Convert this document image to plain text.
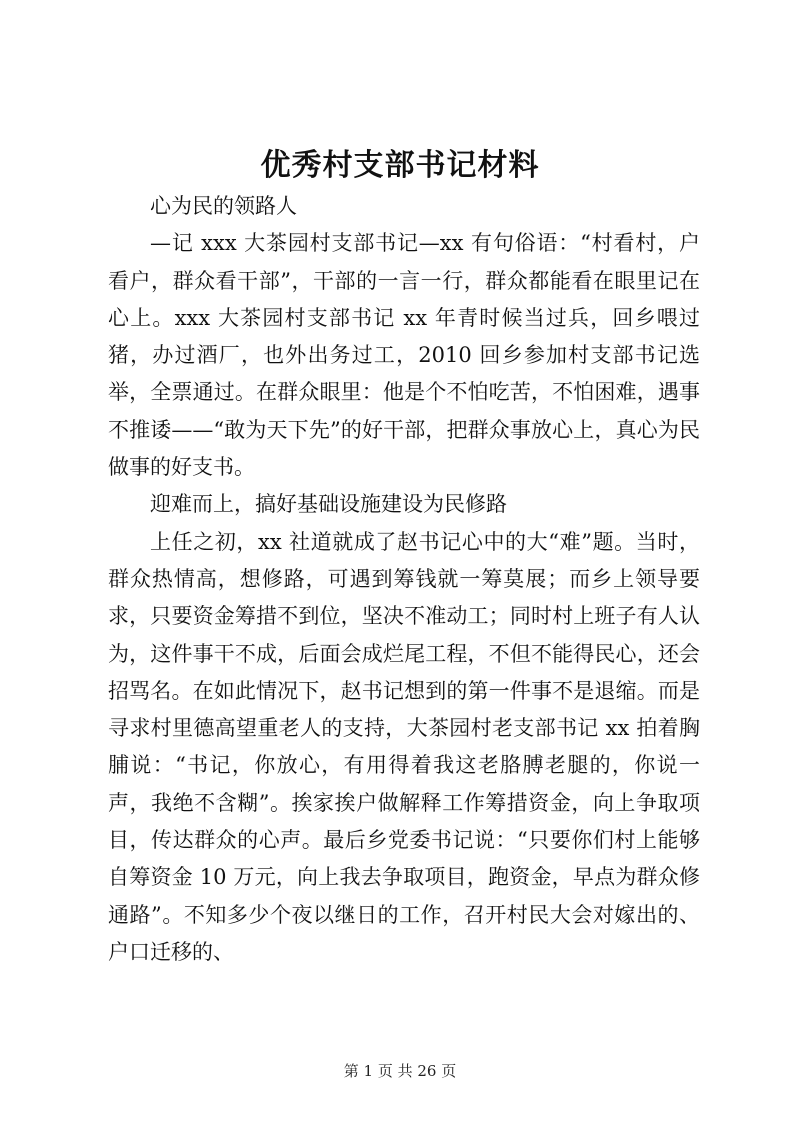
优秀村支部书记材料

心为民的领路人

—记 xxx 大茶园村支部书记—xx 有句俗语：“村看村，户看户，群众看干部”，干部的一言一行，群众都能看在眼里记在心上。xxx 大茶园村支部书记 xx 年青时候当过兵，回乡喂过猪，办过酒厂，也外出务过工，2010 回乡参加村支部书记选举，全票通过。在群众眼里：他是个不怕吃苦，不怕困难，遇事不推诿——“敢为天下先”的好干部，把群众事放心上，真心为民做事的好支书。

迎难而上，搞好基础设施建设为民修路

上任之初，xx 社道就成了赵书记心中的大“难”题。当时，群众热情高，想修路，可遇到筹钱就一筹莫展；而乡上领导要求，只要资金筹措不到位，坚决不准动工；同时村上班子有人认为，这件事干不成，后面会成烂尾工程，不但不能得民心，还会招骂名。在如此情况下，赵书记想到的第一件事不是退缩。而是寻求村里德高望重老人的支持，大茶园村老支部书记 xx 拍着胸脯说：“书记，你放心，有用得着我这老胳膊老腿的，你说一声，我绝不含糊”。挨家挨户做解释工作筹措资金，向上争取项目，传达群众的心声。最后乡党委书记说：“只要你们村上能够自筹资金 10 万元，向上我去争取项目，跑资金，早点为群众修通路”。不知多少个夜以继日的工作，召开村民大会对嫁出的、户口迁移的、

第 1 页 共 26 页
